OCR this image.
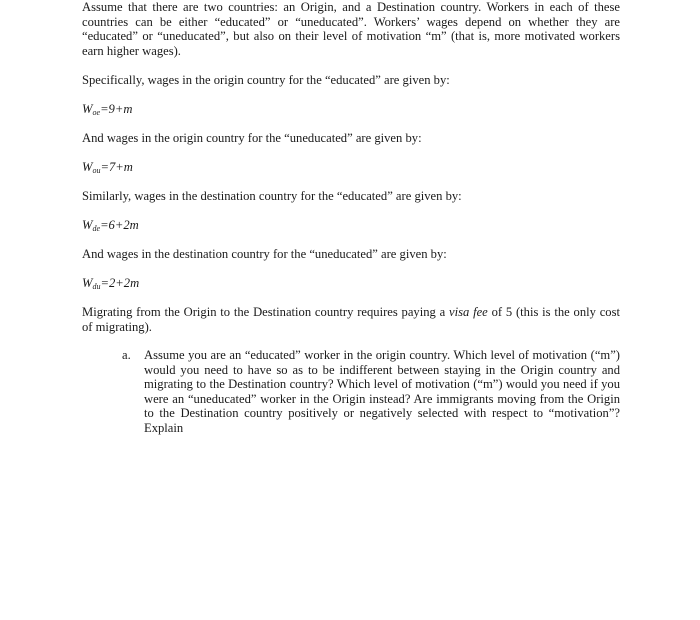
Assume that there are two countries: an Origin, and a Destination country. Workers in each of these countries can be either “educated” or “uneducated”. Workers’ wages depend on whether they are “educated” or “uneducated”, but also on their level of motivation “m” (that is, more motivated workers earn higher wages).

Specifically, wages in the origin country for the “educated” are given by:

$W_{oe}=9+m$

And wages in the origin country for the “uneducated” are given by:

$W_{ou}=7+m$

Similarly, wages in the destination country for the “educated” are given by:

$W_{de}=6+2m$

And wages in the destination country for the “uneducated” are given by:

$W_{du}=2+2m$

Migrating from the Origin to the Destination country requires paying a visa fee of 5 (this is the only cost of migrating).

a. Assume you are an “educated” worker in the origin country. Which level of motivation (“m”) would you need to have so as to be indifferent between staying in the Origin country and migrating to the Destination country? Which level of motivation (“m”) would you need if you were an “uneducated” worker in the Origin instead? Are immigrants moving from the Origin to the Destination country positively or negatively selected with respect to “motivation”? Explain
